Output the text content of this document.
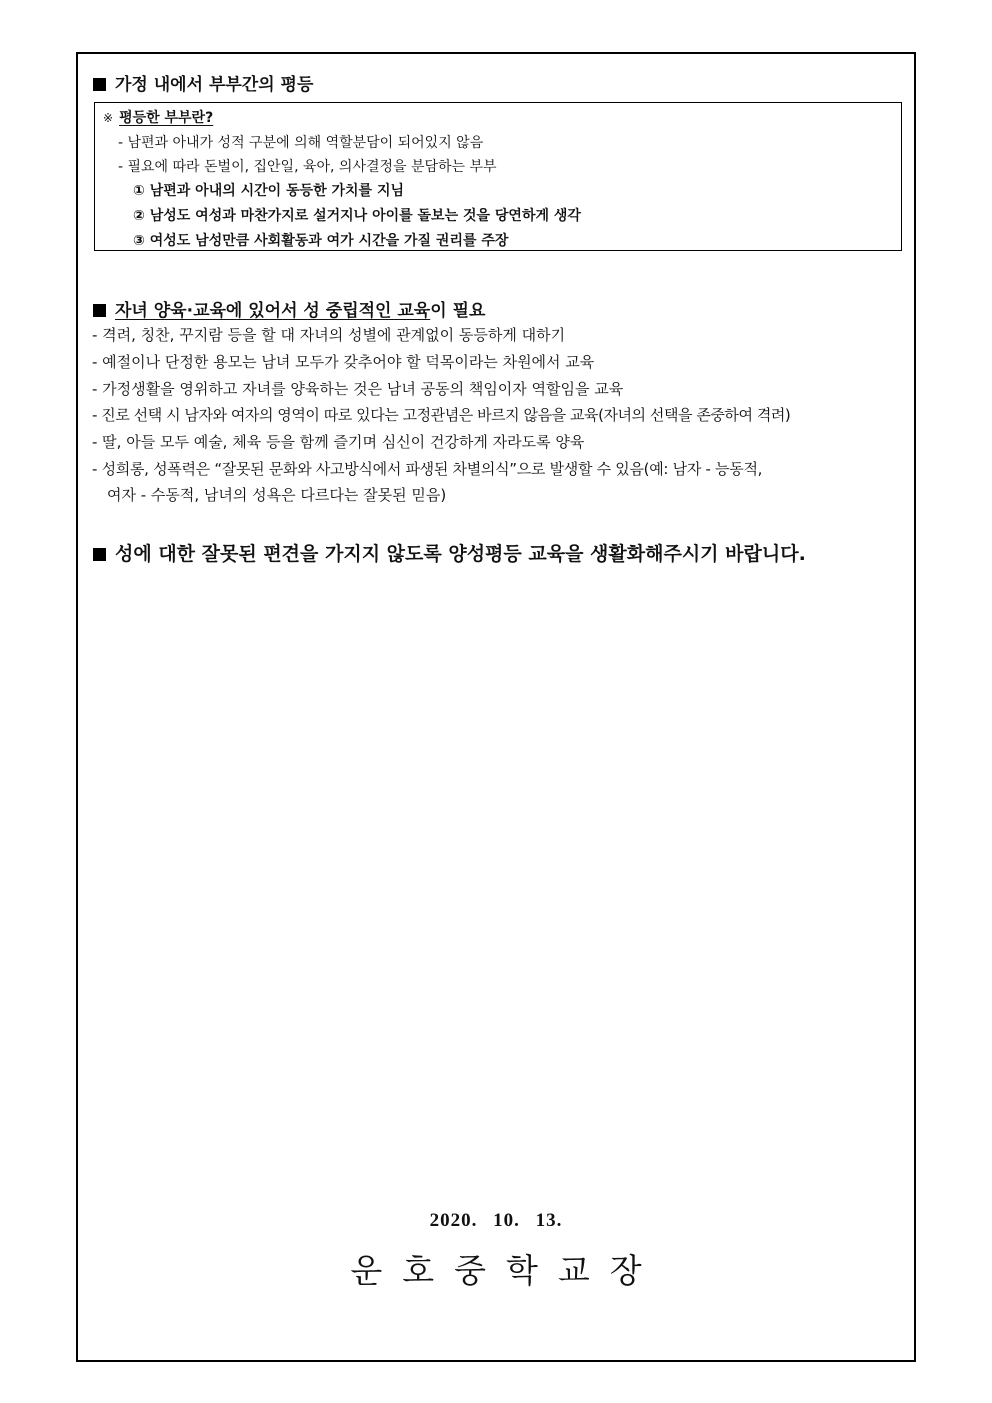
가정 내에서 부부간의 평등
※ 평등한 부부란?
- 남편과 아내가 성적 구분에 의해 역할분담이 되어있지 않음
- 필요에 따라 돈벌이, 집안일, 육아, 의사결정을 분담하는 부부
① 남편과 아내의 시간이 동등한 가치를 지님
② 남성도 여성과 마찬가지로 설거지나 아이를 돌보는 것을 당연하게 생각
③ 여성도 남성만큼 사회활동과 여가 시간을 가질 권리를 주장
자녀 양육·교육에 있어서 성 중립적인 교육이 필요
- 격려, 칭찬, 꾸지람 등을 할 대 자녀의 성별에 관계없이 동등하게 대하기
- 예절이나 단정한 용모는 남녀 모두가 갖추어야 할 덕목이라는 차원에서 교육
- 가정생활을 영위하고 자녀를 양육하는 것은 남녀 공동의 책임이자 역할임을 교육
- 진로 선택 시 남자와 여자의 영역이 따로 있다는 고정관념은 바르지 않음을 교육(자녀의 선택을 존중하여 격려)
- 딸, 아들 모두 예술, 체육 등을 함께 즐기며 심신이 건강하게 자라도록 양육
- 성희롱, 성폭력은 “잘못된 문화와 사고방식에서 파생된 차별의식”으로 발생할 수 있음(예: 남자 - 능동적,
여자 - 수동적, 남녀의 성욕은 다르다는 잘못된 믿음)
성에 대한 잘못된 편견을 가지지 않도록 양성평등 교육을 생활화해주시기 바랍니다.
2020. 10. 13.
운호중학교장
